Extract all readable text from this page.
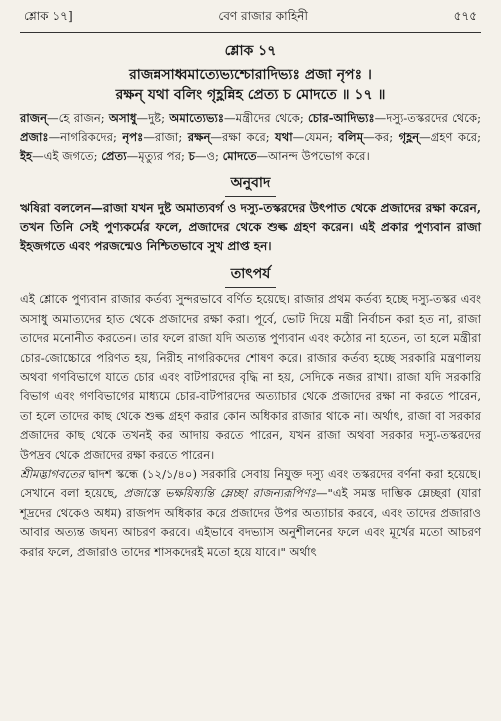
শ্লোক ১৭]	বেণ রাজার কাহিনী	৫৭৫
শ্লোক ১৭
রাজন্নসাধ্বমাত্যেভ্যশ্চোরাদিভ্যঃ প্রজা নৃপঃ ।
রক্ষন্ যথা বলিং গৃহ্ণন্নিহ প্রেত্য চ মোদতে ॥ ১৭ ॥
রাজন্—হে রাজন; অসাধু—দুষ্ট; অমাত্যেভ্যঃ—মন্ত্রীদের থেকে; চোর-আদিভ্যঃ—দস্যু-তস্করদের থেকে; প্রজাঃ—নাগরিকদের; নৃপঃ—রাজা; রক্ষন্—রক্ষা করে; যথা—যেমন; বলিম্—কর; গৃহ্ণন্—গ্রহণ করে; ইহ—এই জগতে; প্রেত্য—মৃত্যুর পর; চ—ও; মোদতে—আনন্দ উপভোগ করে।
অনুবাদ
ঋষিরা বললেন—রাজা যখন দুষ্ট অমাত্যবর্গ ও দস্যু-তস্করদের উৎপাত থেকে প্রজাদের রক্ষা করেন, তখন তিনি সেই পুণ্যকর্মের ফলে, প্রজাদের থেকে শুল্ক গ্রহণ করেন। এই প্রকার পুণ্যবান রাজা ইহজগতে এবং পরজন্মেও নিশ্চিতভাবে সুখ প্রাপ্ত হন।
তাৎপর্য

এই শ্লোকে পুণ্যবান রাজার কর্তব্য সুন্দরভাবে বর্ণিত হয়েছে। রাজার প্রথম কর্তব্য হচ্ছে দস্যু-তস্কর এবং অসাধু অমাত্যদের হাত থেকে প্রজাদের রক্ষা করা। পূর্বে, ভোট দিয়ে মন্ত্রী নির্বাচন করা হত না, রাজা তাদের মনোনীত করতেন। তার ফলে রাজা যদি অত্যন্ত পুণ্যবান এবং কঠোর না হতেন, তা হলে মন্ত্রীরা চোর-জোচ্চোরে পরিণত হয়, নিরীহ নাগরিকদের শোষণ করে। রাজার কর্তব্য হচ্ছে সরকারি মন্ত্রণালয় অথবা গণবিভাগে যাতে চোর এবং বাটপারদের বৃদ্ধি না হয়, সেদিকে নজর রাখা। রাজা যদি সরকারি বিভাগ এবং গণবিভাগের মাধ্যমে চোর-বাটপারদের অত্যাচার থেকে প্রজাদের রক্ষা না করতে পারেন, তা হলে তাদের কাছ থেকে শুল্ক গ্রহণ করার কোন অধিকার রাজার থাকে না। অর্থাৎ, রাজা বা সরকার প্রজাদের কাছ থেকে তখনই কর আদায় করতে পারেন, যখন রাজা অথবা সরকার দস্যু-তস্করদের উপদ্রব থেকে প্রজাদের রক্ষা করতে পারেন।

শ্রীমদ্ভাগবতের দ্বাদশ স্কন্ধে (১২/১/৪০) সরকারি সেবায় নিযুক্ত দস্যু এবং তস্করদের বর্ণনা করা হয়েছে। সেখানে বলা হয়েছে, প্রজাস্তে ভক্ষয়িষ্যন্তি ম্লেচ্ছা রাজন্যরূপিণঃ—"এই সমস্ত দাম্ভিক ম্লেচ্ছরা (যারা শূদ্রদের থেকেও অধম) রাজপদ অধিকার করে প্রজাদের উপর অত্যাচার করবে, এবং তাদের প্রজারাও আবার অত্যন্ত জঘন্য আচরণ করবে। এইভাবে বদভ্যাস অনুশীলনের ফলে এবং মূর্খের মতো আচরণ করার ফলে, প্রজারাও তাদের শাসকদেরই মতো হয়ে যাবে।" অর্থাৎ
